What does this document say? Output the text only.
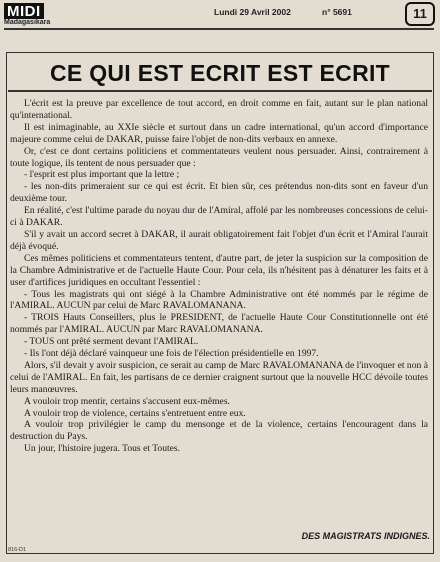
MIDI
Madagasikara
Lundi 29 Avril 2002	n° 5691	11
CE QUI EST ECRIT EST ECRIT

L'écrit est la preuve par excellence de tout accord, en droit comme en fait, autant sur le plan national qu'international.

Il est inimaginable, au XXIe siècle et surtout dans un cadre international, qu'un accord d'importance majeure comme celui de DAKAR, puisse faire l'objet de non-dits verbaux en annexe.

Or, c'est ce dont certains politiciens et commentateurs veulent nous persuader. Ainsi, contrairement à toute logique, ils tentent de nous persuader que :

- l'esprit est plus important que la lettre ;

- les non-dits primeraient sur ce qui est écrit. Et bien sûr, ces prétendus non-dits sont en faveur d'un deuxième tour.

En réalité, c'est l'ultime parade du noyau dur de l'Amiral, affolé par les nombreuses concessions de celui-ci à DAKAR.

S'il y avait un accord secret à DAKAR, il aurait obligatoirement fait l'objet d'un écrit et l'Amiral l'aurait déjà évoqué.

Ces mêmes politiciens et commentateurs tentent, d'autre part, de jeter la suspicion sur la composition de la Chambre Administrative et de l'actuelle Haute Cour. Pour cela, ils n'hésitent pas à dénaturer les faits et à user d'artifices juridiques en occultant l'essentiel :

- Tous les magistrats qui ont siégé à la Chambre Administrative ont été nommés par le régime de l'AMIRAL. AUCUN par celui de Marc RAVALOMANANA.

- TROIS Hauts Conseillers, plus le PRESIDENT, de l'actuelle Haute Cour Constitutionnelle ont été nommés par l'AMIRAL. AUCUN par Marc RAVALOMANANA.

- TOUS ont prêté serment devant l'AMIRAL.

- Ils l'ont déjà déclaré vainqueur une fois de l'élection présidentielle en 1997.

Alors, s'il devait y avoir suspicion, ce serait au camp de Marc RAVALOMANANA de l'invoquer et non à celui de l'AMIRAL. En fait, les partisans de ce dernier craignent surtout que la nouvelle HCC dévoile toutes leurs manœuvres.

A vouloir trop mentir, certains s'accusent eux-mêmes.

A vouloir trop de violence, certains s'entretuent entre eux.

A vouloir trop privilégier le camp du mensonge et de la violence, certains l'encouragent dans la destruction du Pays.

Un jour, l'histoire jugera. Tous et Toutes.

DES MAGISTRATS INDIGNES.
816-D1
